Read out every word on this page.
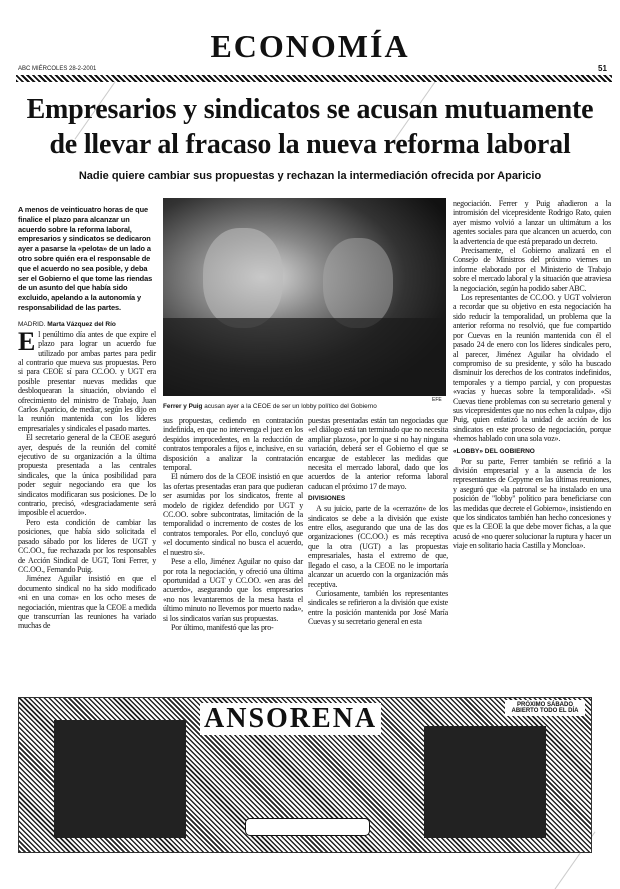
ECONOMÍA
ABC MIÉRCOLES 28-2-2001	51
Empresarios y sindicatos se acusan mutuamente
de llevar al fracaso la nueva reforma laboral
Nadie quiere cambiar sus propuestas y rechazan la intermediación ofrecida por Aparicio
A menos de veinticuatro horas de que finalice el plazo para alcanzar un acuerdo sobre la reforma laboral, empresarios y sindicatos se dedicaron ayer a pasarse la «pelota» de un lado a otro sobre quién era el responsable de que el acuerdo no sea posible, y deba ser el Gobierno el que tome las riendas de un asunto del que había sido excluido, apelando a la autonomía y responsabilidad de las partes.
MADRID. Marta Vázquez del Río

El penúltimo día antes de que expire el plazo para lograr un acuerdo fue utilizado por ambas partes para pedir al contrario que mueva sus propuestas. Pero si para CEOE sí para CC.OO. y UGT era posible presentar nuevas medidas que desbloquearan la situación, obviando el ofrecimiento del ministro de Trabajo, Juan Carlos Aparicio, de mediar, según les dijo en la reunión mantenida con los líderes empresariales y sindicales el pasado martes.

El secretario general de la CEOE aseguró ayer, después de la reunión del comité ejecutivo de su organización a la última propuesta presentada a las centrales sindicales, que la única posibilidad para poder seguir negociando era que los sindicatos modificaran sus posiciones. De lo contrario, precisó, «desgraciadamente será imposible el acuerdo».

Pero esta condición de cambiar las posiciones, que había sido solicitada el pasado sábado por los líderes de UGT y CC.OO., fue rechazada por los responsables de Acción Sindical de UGT, Toni Ferrer, y CC.OO., Fernando Puig.

Jiménez Aguilar insistió en que el documento sindical no ha sido modificado «ni en una coma» en los ocho meses de negociación, mientras que la CEOE a medida que transcurrían las reuniones ha variado muchas de

EFE
Ferrer y Puig acusan ayer a la CEOE de ser un lobby político del Gobierno

sus propuestas, cediendo en contratación indefinida, en que no intervenga el juez en los despidos improcedentes, en la reducción de contratos temporales a fijos e, inclusive, en su disposición a analizar la contratación temporal.

El número dos de la CEOE insistió en que las ofertas presentadas eran para que pudieran ser asumidas por los sindicatos, frente al modelo de rigidez defendido por UGT y CC.OO. sobre subcontratas, limitación de la temporalidad o incremento de costes de los contratos temporales. Por ello, concluyó que «el documento sindical no busca el acuerdo, el nuestro sí».

Pese a ello, Jiménez Aguilar no quiso dar por rota la negociación, y ofreció una última oportunidad a UGT y CC.OO. «en aras del acuerdo», asegurando que los empresarios «no nos levantaremos de la mesa hasta el último minuto no llevemos por muerto nada», si los sindicatos varían sus propuestas.

Por último, manifestó que las pro-

puestas presentadas están tan negociadas que «el diálogo está tan terminado que no necesita ampliar plazos», por lo que si no hay ninguna variación, deberá ser el Gobierno el que se encargue de establecer las medidas que necesita el mercado laboral, dado que los acuerdos de la anterior reforma laboral caducan el próximo 17 de mayo.

DIVISIONES

A su juicio, parte de la «cerrazón» de los sindicatos se debe a la división que existe entre ellos, asegurando que una de las dos organizaciones (CC.OO.) es más receptiva que la otra (UGT) a las propuestas empresariales, hasta el extremo de que, llegado el caso, a la CEOE no le importaría alcanzar un acuerdo con la organización más receptiva.

Curiosamente, también los representantes sindicales se refirieron a la división que existe entre la posición mantenida por José María Cuevas y su secretario general en esta

negociación. Ferrer y Puig añadieron a la intromisión del vicepresidente Rodrigo Rato, quien ayer mismo volvió a lanzar un ultimátum a los agentes sociales para que alcancen un acuerdo, con la advertencia de que está preparado un decreto.

Precisamente, el Gobierno analizará en el Consejo de Ministros del próximo viernes un informe elaborado por el Ministerio de Trabajo sobre el mercado laboral y la situación que atraviesa la negociación, según ha podido saber ABC.

Los representantes de CC.OO. y UGT volvieron a recordar que su objetivo en esta negociación ha sido reducir la temporalidad, un problema que la anterior reforma no resolvió, que fue compartido por Cuevas en la reunión mantenida con él el pasado 24 de enero con los líderes sindicales pero, al parecer, Jiménez Aguilar ha olvidado el compromiso de su presidente, y sólo ha buscado disminuir los derechos de los contratos indefinidos, temporales y a tiempo parcial, y con propuestas «vacías y huecas sobre la temporalidad». «Si Cuevas tiene problemas con su secretario general y sus vicepresidentes que no nos echen la culpa», dijo Puig, quien enfatizó la unidad de acción de los sindicatos en este proceso de negociación, porque «hemos hablado con una sola voz».

«LOBBY» DEL GOBIERNO

Por su parte, Ferrer también se refirió a la división empresarial y a la ausencia de los representantes de Cepyme en las últimas reuniones, y aseguró que «la patronal se ha instalado en una posición de "lobby" político para beneficiarse con las medidas que decrete el Gobierno», insistiendo en que los sindicatos también han hecho concesiones y que es la CEOE la que debe mover fichas, a la que acusó de «no querer solucionar la ruptura y hacer un viaje en solitario hacia Castilla y Moncloa».

ANSORENA	PRÓXIMO SÁBADO ABIERTO TODO EL DÍA
